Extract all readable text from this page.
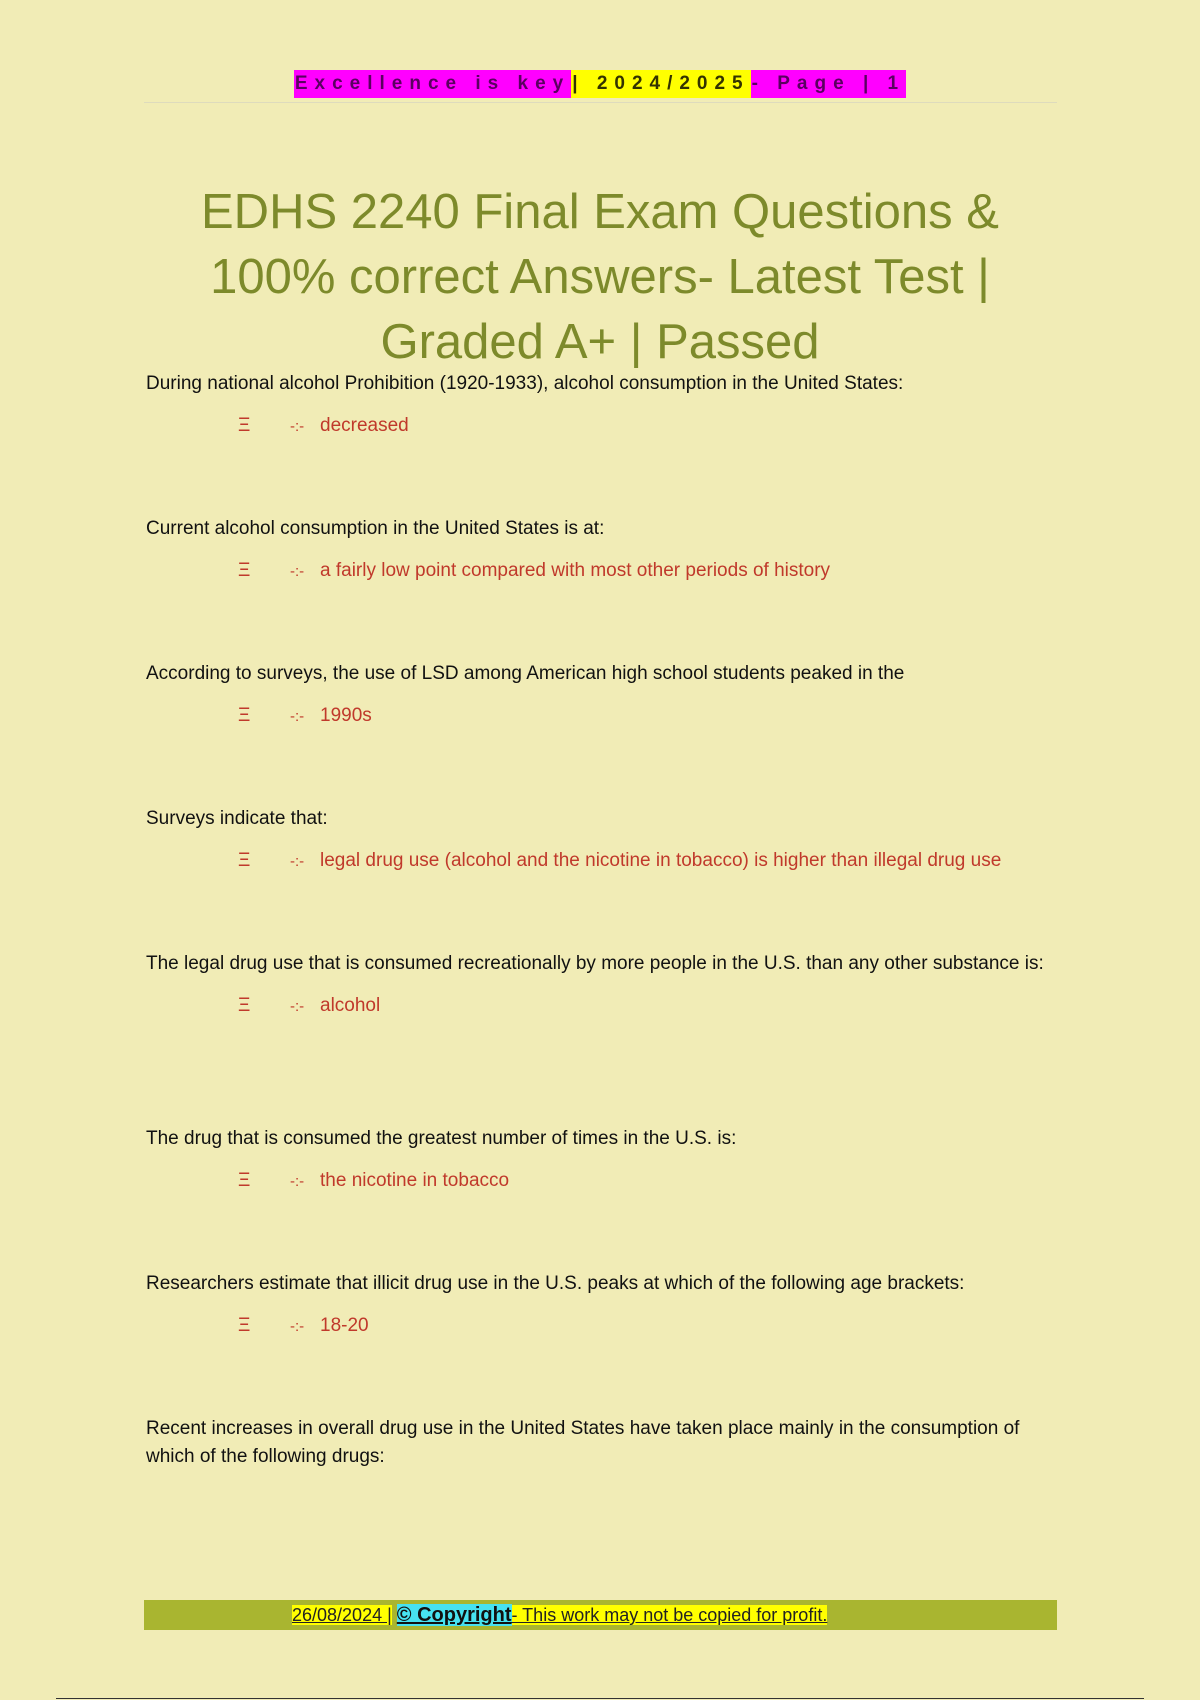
Excellence is key | 2024/2025 - Page | 1
EDHS 2240 Final Exam Questions & 100% correct Answers- Latest Test | Graded A+ | Passed

During national alcohol Prohibition (1920-1933), alcohol consumption in the United States:

Ξ	-:- decreased

Current alcohol consumption in the United States is at:

Ξ	-:- a fairly low point compared with most other periods of history

According to surveys, the use of LSD among American high school students peaked in the

Ξ	-:- 1990s

Surveys indicate that:

Ξ	-:- legal drug use (alcohol and the nicotine in tobacco) is higher than illegal drug use

The legal drug use that is consumed recreationally by more people in the U.S. than any other substance is:

Ξ	-:- alcohol

The drug that is consumed the greatest number of times in the U.S. is:

Ξ	-:- the nicotine in tobacco

Researchers estimate that illicit drug use in the U.S. peaks at which of the following age brackets:

Ξ	-:- 18-20

Recent increases in overall drug use in the United States have taken place mainly in the consumption of which of the following drugs:

26/08/2024 | © Copyright- This work may not be copied for profit.
